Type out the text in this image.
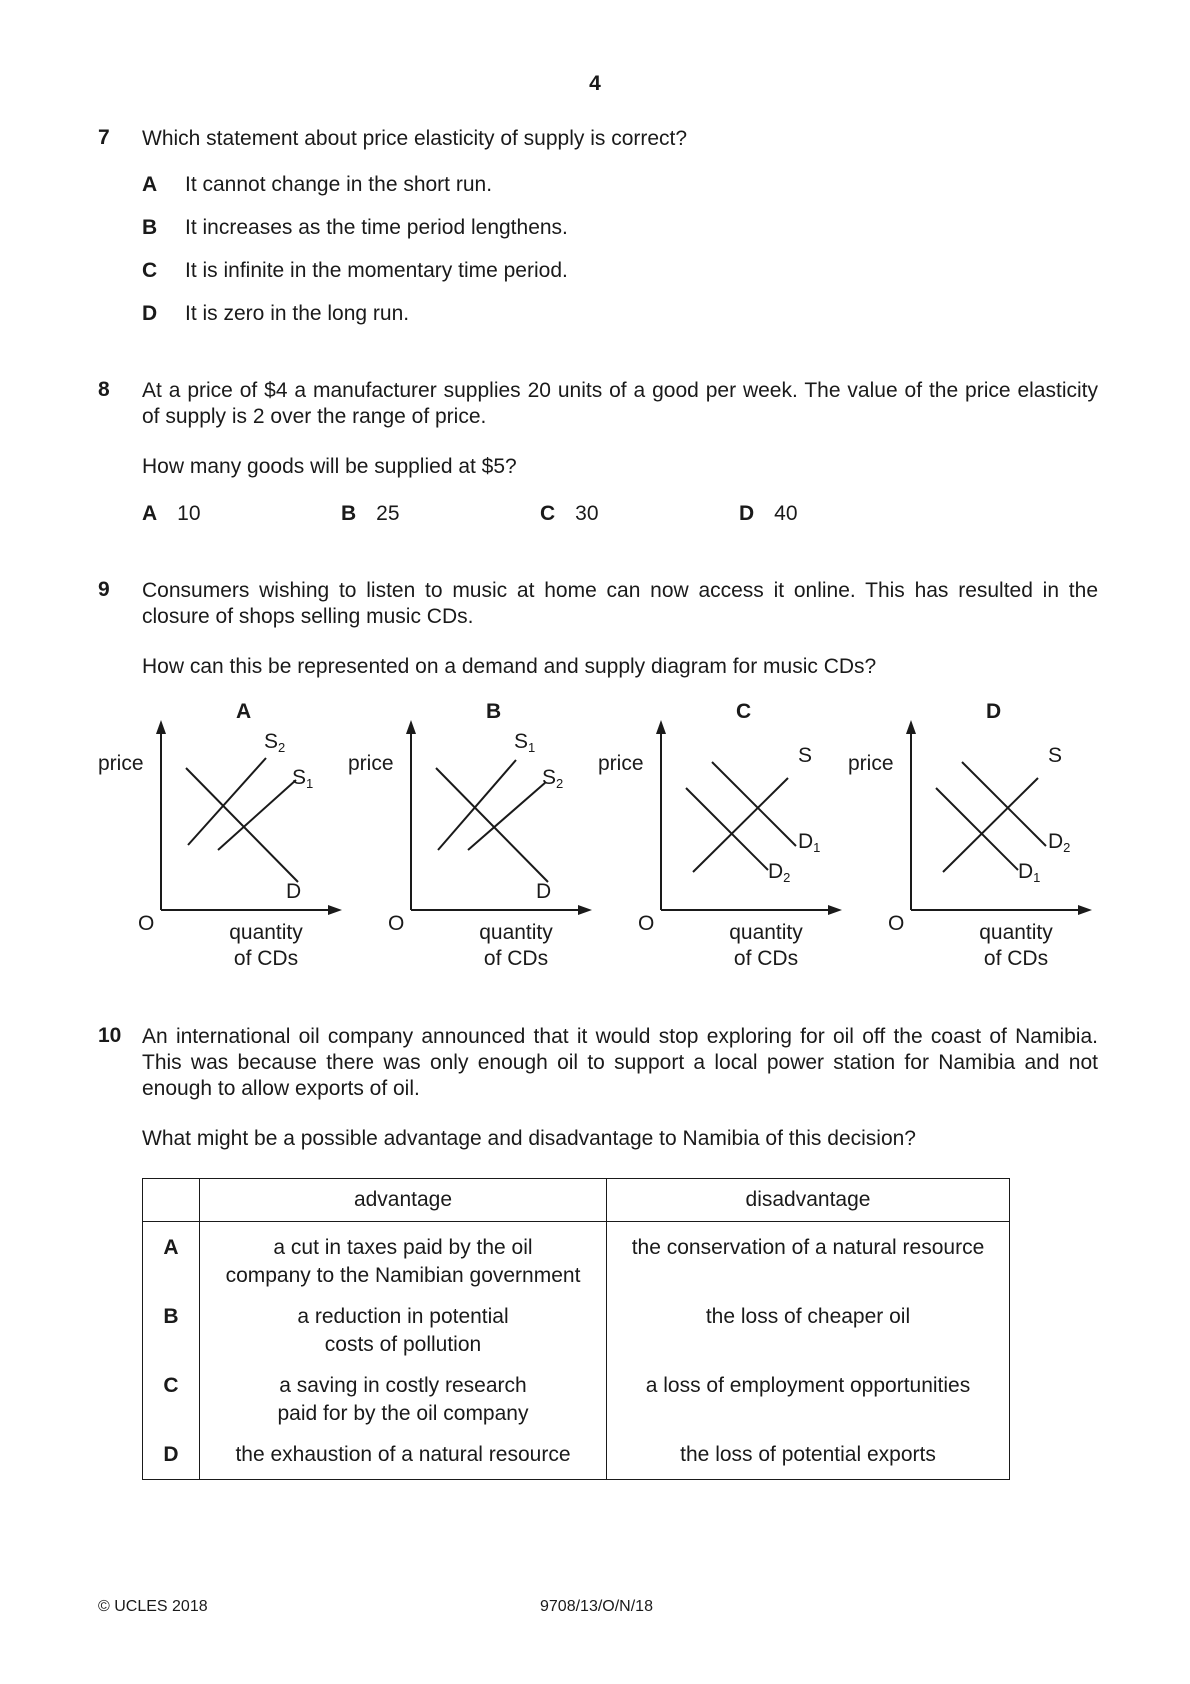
4
7 Which statement about price elasticity of supply is correct?
A It cannot change in the short run.
B It increases as the time period lengthens.
C It is infinite in the momentary time period.
D It is zero in the long run.
8 At a price of $4 a manufacturer supplies 20 units of a good per week. The value of the price elasticity of supply is 2 over the range of price.
How many goods will be supplied at $5?
A 10	B 25	C 30	D 40
9 Consumers wishing to listen to music at home can now access it online. This has resulted in the closure of shops selling music CDs.
How can this be represented on a demand and supply diagram for music CDs?
A
price
O
$S_2$
$S_1$
D
quantity
of CDs
B
price
O
$S_1$
$S_2$
D
quantity
of CDs
C
price
O
S
$D_1$
$D_2$
quantity
of CDs
D
price
O
S
$D_2$
$D_1$
quantity
of CDs
10 An international oil company announced that it would stop exploring for oil off the coast of Namibia. This was because there was only enough oil to support a local power station for Namibia and not enough to allow exports of oil.
What might be a possible advantage and disadvantage to Namibia of this decision?
	advantage	disadvantage
A	a cut in taxes paid by the oil
company to the Namibian government	the conservation of a natural resource
B	a reduction in potential
costs of pollution	the loss of cheaper oil
C	a saving in costly research
paid for by the oil company	a loss of employment opportunities
D	the exhaustion of a natural resource	the loss of potential exports
© UCLES 2018	9708/13/O/N/18
